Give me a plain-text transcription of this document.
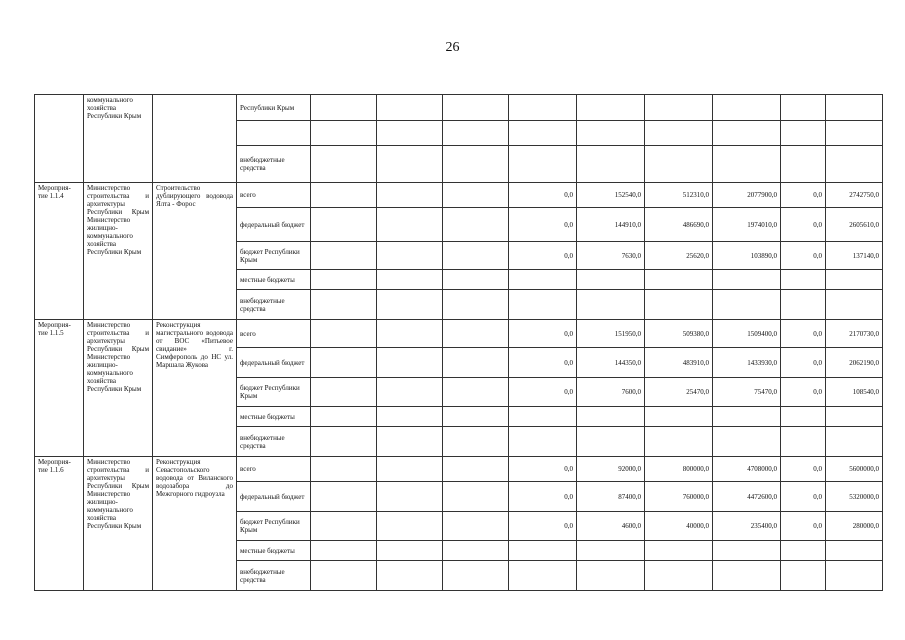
26
	коммунального хозяйства Республики Крым		Республики Крым									

			внебюджетные средства									
Мероприя-тие 1.1.4	Министерство строительства и архитектуры Республики Крым Министерство жилищно-коммунального хозяйства Республики Крым	Строительство дублирующего водовода Ялта - Форос	всего				0,0	152540,0	512310,0	2077900,0	0,0	2742750,0
			федеральный бюджет				0,0	144910,0	486690,0	1974010,0	0,0	2605610,0
			бюджет Республики Крым				0,0	7630,0	25620,0	103890,0	0,0	137140,0
			местные бюджеты									
			внебюджетные средства									
Мероприя-тие 1.1.5	Министерство строительства и архитектуры Республики Крым Министерство жилищно-коммунального хозяйства Республики Крым	Реконструкция магистрального водовода от ВОС «Питьевое свидание» г. Симферополь до НС ул. Маршала Жукова	всего				0,0	151950,0	509380,0	1509400,0	0,0	2170730,0
			федеральный бюджет				0,0	144350,0	483910,0	1433930,0	0,0	2062190,0
			бюджет Республики Крым				0,0	7600,0	25470,0	75470,0	0,0	108540,0
			местные бюджеты									
			внебюджетные средства									
Мероприя-тие 1.1.6	Министерство строительства и архитектуры Республики Крым Министерство жилищно-коммунального хозяйства Республики Крым	Реконструкция Севастопольского водовода от Виланского водозабора до Межгорного гидроузла	всего				0,0	92000,0	800000,0	4708000,0	0,0	5600000,0
			федеральный бюджет				0,0	87400,0	760000,0	4472600,0	0,0	5320000,0
			бюджет Республики Крым				0,0	4600,0	40000,0	235400,0	0,0	280000,0
			местные бюджеты									
			внебюджетные средства									
